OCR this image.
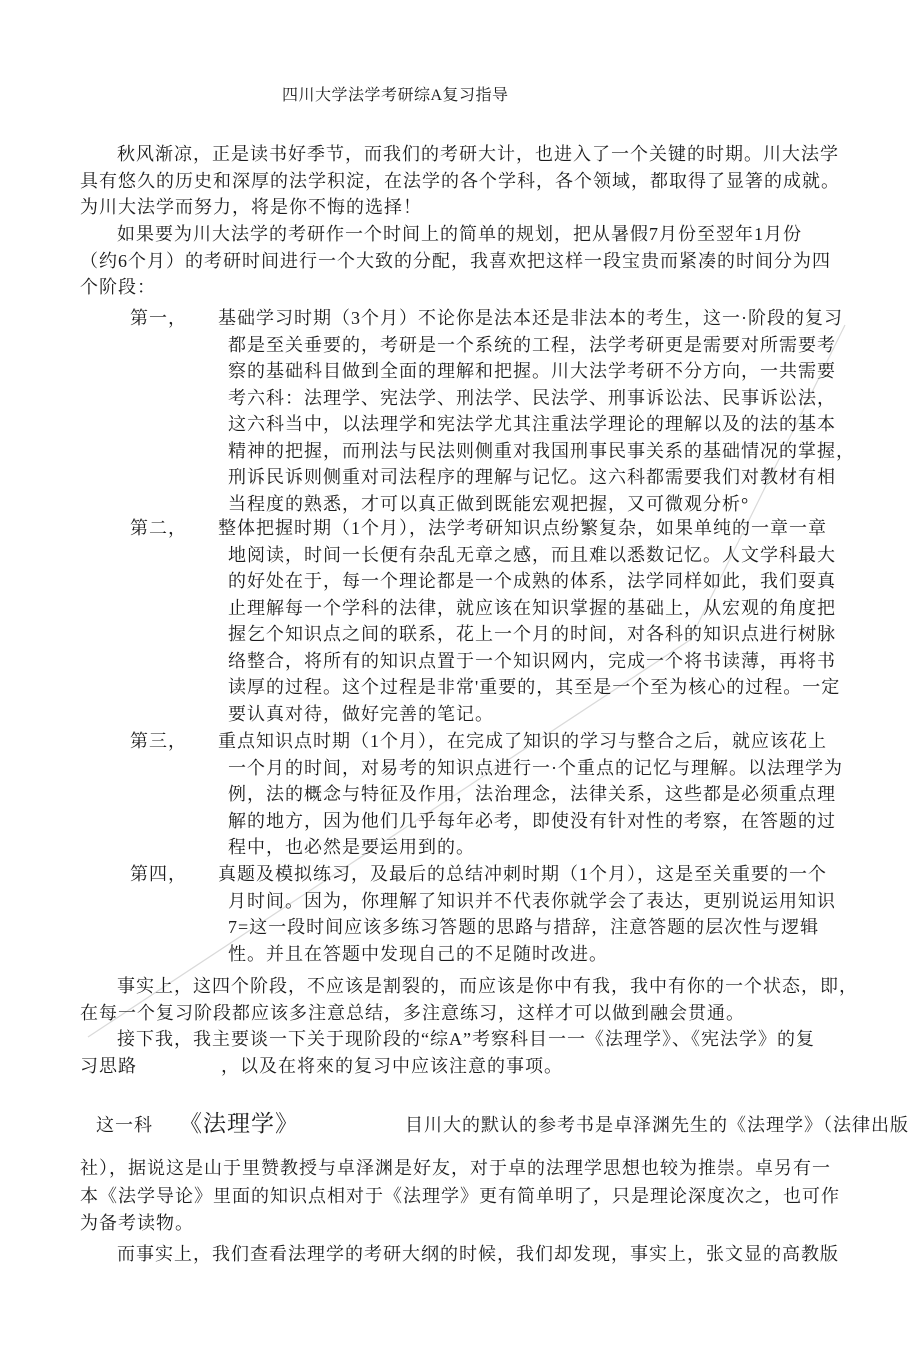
四川大学法学考研综A复习指导
秋风渐凉，正是读书好季节，而我们的考研大计，也进入了一个关键的时期。川大法学
具有悠久的历史和深厚的法学积淀，在法学的各个学科，各个领域，都取得了显箸的成就。
为川大法学而努力，将是你不悔的选择！
如果要为川大法学的考研作一个时间上的简单的规划，把从暑假7月份至翌年1月份
（约6个月）的考研时间进行一个大致的分配，我喜欢把这样一段宝贵而紧凑的时间分为四
个阶段：
第一， 基础学习时期（3个月）不论你是法本还是非法本的考生，这一·阶段的复习
都是至关垂要的，考研是一个系统的工程，法学考研更是需要对所需要考
察的基础科目做到全面的理解和把握。川大法学考研不分方向，一共需要
考六科：法理学、宪法学、刑法学、民法学、刑事诉讼法、民事诉讼法，
这六科当中，以法理学和宪法学尤其注重法学理论的理解以及的法的基本
精神的把握，而刑法与民法则侧重对我国刑事民事关系的基础情况的掌握，
刑诉民诉则侧重对司法程序的理解与记忆。这六科都需要我们对教材有相
当程度的熟悉，才可以真正做到既能宏观把握，又可微观分析°
第二， 整体把握时期（1个月），法学考研知识点纷繁复杂，如果单纯的一章一章
地阅读，时间一长便有杂乱无章之感，而且难以悉数记忆。人文学科最大
的好处在于，每一个理论都是一个成熟的体系，法学同样如此，我们耍真
止理解每一个学科的法律，就应该在知识掌握的基础上，从宏观的角度把
握乞个知识点之间的联系，花上一个月的时间，对各科的知识点进行树脉
络整合，将所有的知识点置于一个知识网内，完成一个将书读薄，再将书
读厚的过程。这个过程是非常'重要的，其至是一个至为核心的过程。一定
要认真对待，做好完善的笔记。
第三， 重点知识点时期（1个月），在完成了知识的学习与整合之后，就应该花上
一个月的时间，对易考的知识点进行一·个重点的记忆与理解。以法理学为
例，法的概念与特征及作用，法治理念，法律关系，这些都是必须重点理
解的地方，因为他们几乎每年必考，即使没有针对性的考察，在答题的过
程中，也必然是要运用到的。
第四， 真题及模拟练习，及最后的总结冲刺时期（1个月），这是至关重要的一个
月时间。因为，你理解了知识并不代表你就学会了表达，更别说运用知识
7=这一段时间应该多练习答题的思路与措辞，注意答题的层次性与逻辑
性。并且在答题中发现自己的不足随时改进。
事实上，这四个阶段，不应该是割裂的，而应该是你中有我，我中有你的一个状态，即，
在每一个复习阶段都应该多注意总结，多注意练习，这样才可以做到融会贯通。
接下我，我主要谈一下关于现阶段的“综A”考察科目一一《法理学》、《宪法学》的复
习思路	，以及在将來的复习中应该注意的事项。
这一科 《法理学》	目川大的默认的参考书是卓泽渊先生的《法理学》（法律出版
社），据说这是山于里赞教授与卓泽渊是好友，对于卓的法理学思想也较为推崇。卓另有一
本《法学导论》里面的知识点相对于《法理学》更有简单明了，只是理论深度次之，也可作
为备考读物。
而事实上，我们查看法理学的考研大纲的时候，我们却发现，事实上，张文显的高教版
